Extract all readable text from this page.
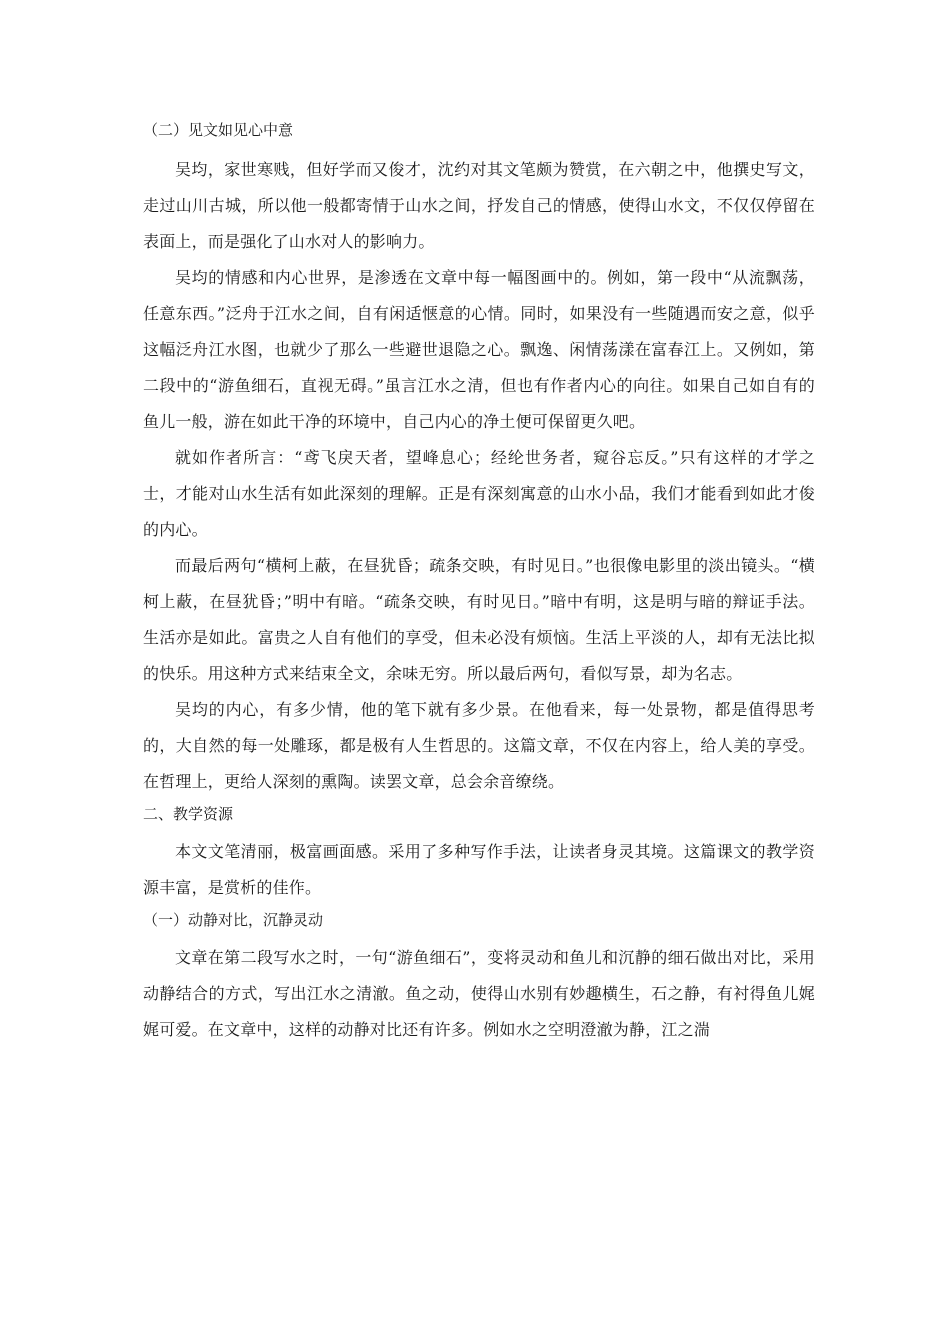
（二）见文如见心中意

吴均，家世寒贱，但好学而又俊才，沈约对其文笔颇为赞赏，在六朝之中，他撰史写文，走过山川古城，所以他一般都寄情于山水之间，抒发自己的情感，使得山水文，不仅仅停留在表面上，而是强化了山水对人的影响力。

吴均的情感和内心世界，是渗透在文章中每一幅图画中的。例如，第一段中“从流飘荡，任意东西。”泛舟于江水之间，自有闲适惬意的心情。同时，如果没有一些随遇而安之意，似乎这幅泛舟江水图，也就少了那么一些避世退隐之心。飘逸、闲情荡漾在富春江上。又例如，第二段中的“游鱼细石，直视无碍。”虽言江水之清，但也有作者内心的向往。如果自己如自有的鱼儿一般，游在如此干净的环境中，自己内心的净土便可保留更久吧。

就如作者所言：“鸢飞戾天者，望峰息心；经纶世务者，窥谷忘反。”只有这样的才学之士，才能对山水生活有如此深刻的理解。正是有深刻寓意的山水小品，我们才能看到如此才俊的内心。

而最后两句“横柯上蔽，在昼犹昏；疏条交映，有时见日。”也很像电影里的淡出镜头。“横柯上蔽，在昼犹昏；”明中有暗。“疏条交映，有时见日。”暗中有明，这是明与暗的辩证手法。生活亦是如此。富贵之人自有他们的享受，但未必没有烦恼。生活上平淡的人，却有无法比拟的快乐。用这种方式来结束全文，余味无穷。所以最后两句，看似写景，却为名志。

吴均的内心，有多少情，他的笔下就有多少景。在他看来，每一处景物，都是值得思考的，大自然的每一处雕琢，都是极有人生哲思的。这篇文章，不仅在内容上，给人美的享受。在哲理上，更给人深刻的熏陶。读罢文章，总会余音缭绕。

二、教学资源

本文文笔清丽，极富画面感。采用了多种写作手法，让读者身灵其境。这篇课文的教学资源丰富，是赏析的佳作。

（一）动静对比，沉静灵动

文章在第二段写水之时，一句“游鱼细石”，变将灵动和鱼儿和沉静的细石做出对比，采用动静结合的方式，写出江水之清澈。鱼之动，使得山水别有妙趣横生，石之静，有衬得鱼儿娓娓可爱。在文章中，这样的动静对比还有许多。例如水之空明澄澈为静，江之湍
